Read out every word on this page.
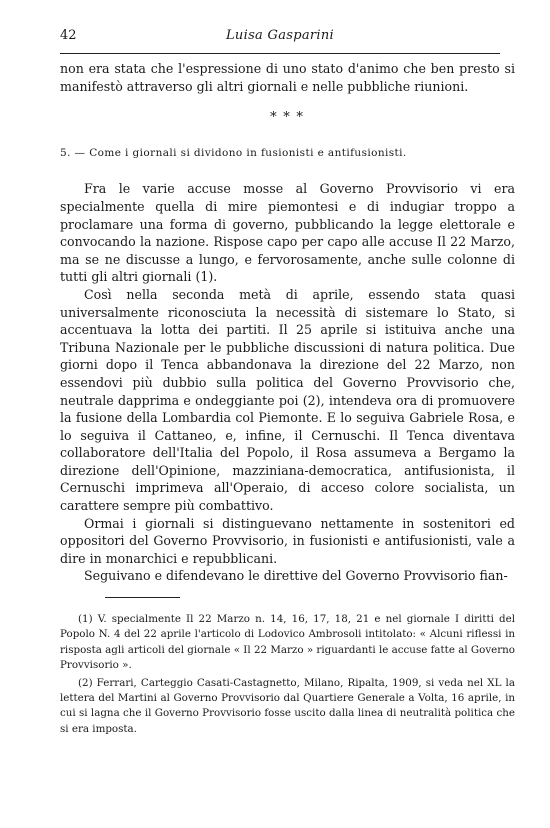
42	Luisa Gasparini

non era stata che l'espressione di uno stato d'animo che ben presto si manifestò attraverso gli altri giornali e nelle pubbliche riunioni.

* * *
5. — Come i giornali si dividono in fusionisti e antifusionisti.

Fra le varie accuse mosse al Governo Provvisorio vi era specialmente quella di mire piemontesi e di indugiar troppo a proclamare una forma di governo, pubblicando la legge elettorale e convocando la nazione. Rispose capo per capo alle accuse Il 22 Marzo, ma se ne discusse a lungo, e fervorosamente, anche sulle colonne di tutti gli altri giornali (1).

Così nella seconda metà di aprile, essendo stata quasi universalmente riconosciuta la necessità di sistemare lo Stato, si accentuava la lotta dei partiti. Il 25 aprile si istituiva anche una Tribuna Nazionale per le pubbliche discussioni di natura politica. Due giorni dopo il Tenca abbandonava la direzione del 22 Marzo, non essendovi più dubbio sulla politica del Governo Provvisorio che, neutrale dapprima e ondeggiante poi (2), intendeva ora di promuovere la fusione della Lombardia col Piemonte. E lo seguiva Gabriele Rosa, e lo seguiva il Cattaneo, e, infine, il Cernuschi. Il Tenca diventava collaboratore dell'Italia del Popolo, il Rosa assumeva a Bergamo la direzione dell'Opinione, mazziniana-democratica, antifusionista, il Cernuschi imprimeva all'Operaio, di acceso colore socialista, un carattere sempre più combattivo.

Ormai i giornali si distinguevano nettamente in sostenitori ed oppositori del Governo Provvisorio, in fusionisti e antifusionisti, vale a dire in monarchici e repubblicani.

Seguivano e difendevano le direttive del Governo Provvisorio fian-

(1) V. specialmente Il 22 Marzo n. 14, 16, 17, 18, 21 e nel giornale I diritti del Popolo N. 4 del 22 aprile l'articolo di Lodovico Ambrosoli intitolato: « Alcuni riflessi in risposta agli articoli del giornale « Il 22 Marzo » riguardanti le accuse fatte al Governo Provvisorio ».

(2) Ferrari, Carteggio Casati-Castagnetto, Milano, Ripalta, 1909, si veda nel XL la lettera del Martini al Governo Provvisorio dal Quartiere Generale a Volta, 16 aprile, in cui si lagna che il Governo Provvisorio fosse uscito dalla linea di neutralità politica che si era imposta.
